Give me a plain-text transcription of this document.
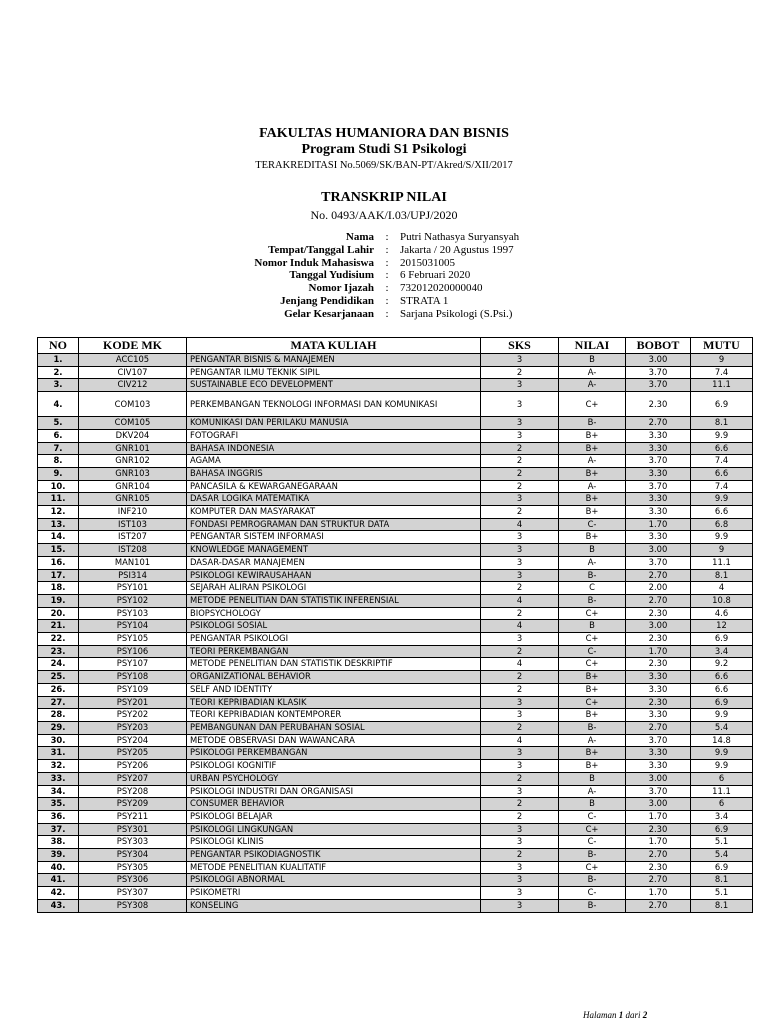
FAKULTAS HUMANIORA DAN BISNIS
Program Studi S1 Psikologi
TERAKREDITASI No.5069/SK/BAN-PT/Akred/S/XII/2017
TRANSKRIP NILAI
No. 0493/AAK/I.03/UPJ/2020
Nama	:	Putri Nathasya Suryansyah
Tempat/Tanggal Lahir	:	Jakarta / 20 Agustus 1997
Nomor Induk Mahasiswa	:	2015031005
Tanggal Yudisium	:	6 Februari 2020
Nomor Ijazah	:	732012020000040
Jenjang Pendidikan	:	STRATA 1
Gelar Kesarjanaan	:	Sarjana Psikologi (S.Psi.)
NO	KODE MK	MATA KULIAH	SKS	NILAI	BOBOT	MUTU
1.	ACC105	PENGANTAR BISNIS & MANAJEMEN	3	B	3.00	9
2.	CIV107	PENGANTAR ILMU TEKNIK SIPIL	2	A-	3.70	7.4
3.	CIV212	SUSTAINABLE ECO DEVELOPMENT	3	A-	3.70	11.1
4.	COM103	PERKEMBANGAN TEKNOLOGI INFORMASI DAN KOMUNIKASI	3	C+	2.30	6.9
5.	COM105	KOMUNIKASI DAN PERILAKU MANUSIA	3	B-	2.70	8.1
6.	DKV204	FOTOGRAFI	3	B+	3.30	9.9
7.	GNR101	BAHASA INDONESIA	2	B+	3.30	6.6
8.	GNR102	AGAMA	2	A-	3.70	7.4
9.	GNR103	BAHASA INGGRIS	2	B+	3.30	6.6
10.	GNR104	PANCASILA & KEWARGANEGARAAN	2	A-	3.70	7.4
11.	GNR105	DASAR LOGIKA MATEMATIKA	3	B+	3.30	9.9
12.	INF210	KOMPUTER DAN MASYARAKAT	2	B+	3.30	6.6
13.	IST103	FONDASI PEMROGRAMAN DAN STRUKTUR DATA	4	C-	1.70	6.8
14.	IST207	PENGANTAR SISTEM INFORMASI	3	B+	3.30	9.9
15.	IST208	KNOWLEDGE MANAGEMENT	3	B	3.00	9
16.	MAN101	DASAR-DASAR MANAJEMEN	3	A-	3.70	11.1
17.	PSI314	PSIKOLOGI KEWIRAUSAHAAN	3	B-	2.70	8.1
18.	PSY101	SEJARAH ALIRAN PSIKOLOGI	2	C	2.00	4
19.	PSY102	METODE PENELITIAN DAN STATISTIK INFERENSIAL	4	B-	2.70	10.8
20.	PSY103	BIOPSYCHOLOGY	2	C+	2.30	4.6
21.	PSY104	PSIKOLOGI SOSIAL	4	B	3.00	12
22.	PSY105	PENGANTAR PSIKOLOGI	3	C+	2.30	6.9
23.	PSY106	TEORI PERKEMBANGAN	2	C-	1.70	3.4
24.	PSY107	METODE PENELITIAN DAN STATISTIK DESKRIPTIF	4	C+	2.30	9.2
25.	PSY108	ORGANIZATIONAL BEHAVIOR	2	B+	3.30	6.6
26.	PSY109	SELF AND IDENTITY	2	B+	3.30	6.6
27.	PSY201	TEORI KEPRIBADIAN KLASIK	3	C+	2.30	6.9
28.	PSY202	TEORI KEPRIBADIAN KONTEMPORER	3	B+	3.30	9.9
29.	PSY203	PEMBANGUNAN DAN PERUBAHAN SOSIAL	2	B-	2.70	5.4
30.	PSY204	METODE OBSERVASI DAN WAWANCARA	4	A-	3.70	14.8
31.	PSY205	PSIKOLOGI PERKEMBANGAN	3	B+	3.30	9.9
32.	PSY206	PSIKOLOGI KOGNITIF	3	B+	3.30	9.9
33.	PSY207	URBAN PSYCHOLOGY	2	B	3.00	6
34.	PSY208	PSIKOLOGI INDUSTRI DAN ORGANISASI	3	A-	3.70	11.1
35.	PSY209	CONSUMER BEHAVIOR	2	B	3.00	6
36.	PSY211	PSIKOLOGI BELAJAR	2	C-	1.70	3.4
37.	PSY301	PSIKOLOGI LINGKUNGAN	3	C+	2.30	6.9
38.	PSY303	PSIKOLOGI KLINIS	3	C-	1.70	5.1
39.	PSY304	PENGANTAR PSIKODIAGNOSTIK	2	B-	2.70	5.4
40.	PSY305	METODE PENELITIAN KUALITATIF	3	C+	2.30	6.9
41.	PSY306	PSIKOLOGI ABNORMAL	3	B-	2.70	8.1
42.	PSY307	PSIKOMETRI	3	C-	1.70	5.1
43.	PSY308	KONSELING	3	B-	2.70	8.1
Halaman 1 dari 2
